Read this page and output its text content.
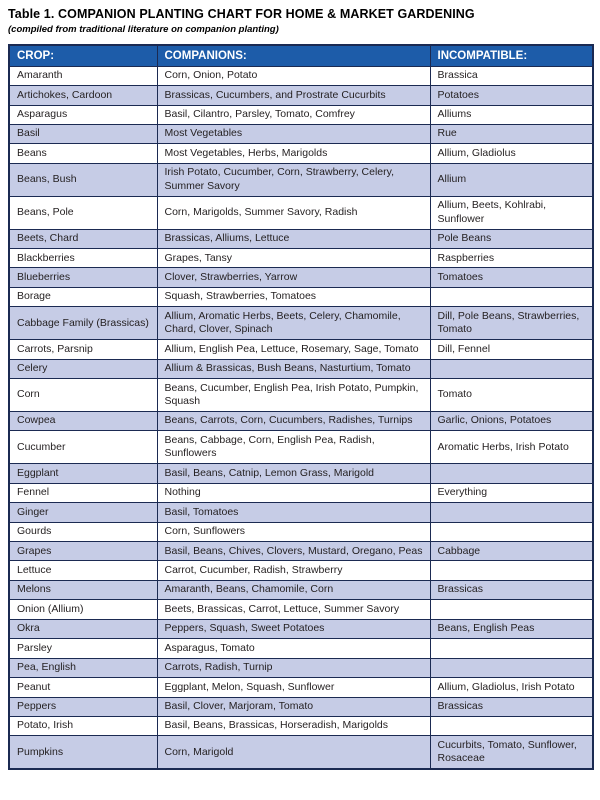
Table 1. COMPANION PLANTING CHART FOR HOME & MARKET GARDENING
(compiled from traditional literature on companion planting)
CROP:	COMPANIONS:	INCOMPATIBLE:
Amaranth	Corn, Onion, Potato	Brassica
Artichokes, Cardoon	Brassicas, Cucumbers, and Prostrate Cucurbits	Potatoes
Asparagus	Basil, Cilantro, Parsley, Tomato, Comfrey	Alliums
Basil	Most Vegetables	Rue
Beans	Most Vegetables, Herbs, Marigolds	Allium, Gladiolus
Beans, Bush	Irish Potato, Cucumber, Corn, Strawberry, Celery, Summer Savory	Allium
Beans, Pole	Corn, Marigolds, Summer Savory, Radish	Allium, Beets, Kohlrabi, Sunflower
Beets, Chard	Brassicas, Alliums, Lettuce	Pole Beans
Blackberries	Grapes, Tansy	Raspberries
Blueberries	Clover, Strawberries, Yarrow	Tomatoes
Borage	Squash, Strawberries, Tomatoes	
Cabbage Family (Brassicas)	Allium, Aromatic Herbs, Beets, Celery, Chamomile, Chard, Clover, Spinach	Dill, Pole Beans, Strawberries, Tomato
Carrots, Parsnip	Allium, English Pea, Lettuce, Rosemary, Sage, Tomato	Dill, Fennel
Celery	Allium & Brassicas, Bush Beans, Nasturtium, Tomato	
Corn	Beans, Cucumber, English Pea, Irish Potato, Pumpkin, Squash	Tomato
Cowpea	Beans, Carrots, Corn, Cucumbers, Radishes, Turnips	Garlic, Onions, Potatoes
Cucumber	Beans, Cabbage, Corn, English Pea, Radish, Sunflowers	Aromatic Herbs, Irish Potato
Eggplant	Basil, Beans, Catnip, Lemon Grass, Marigold	
Fennel	Nothing	Everything
Ginger	Basil, Tomatoes	
Gourds	Corn, Sunflowers	
Grapes	Basil, Beans, Chives, Clovers, Mustard, Oregano, Peas	Cabbage
Lettuce	Carrot, Cucumber, Radish, Strawberry	
Melons	Amaranth, Beans, Chamomile, Corn	Brassicas
Onion (Allium)	Beets, Brassicas, Carrot, Lettuce, Summer Savory	
Okra	Peppers, Squash, Sweet Potatoes	Beans, English Peas
Parsley	Asparagus, Tomato	
Pea, English	Carrots, Radish, Turnip	
Peanut	Eggplant, Melon, Squash, Sunflower	Allium, Gladiolus, Irish Potato
Peppers	Basil, Clover, Marjoram, Tomato	Brassicas
Potato, Irish	Basil, Beans, Brassicas, Horseradish, Marigolds	
Pumpkins	Corn, Marigold	Cucurbits, Tomato, Sunflower, Rosaceae
